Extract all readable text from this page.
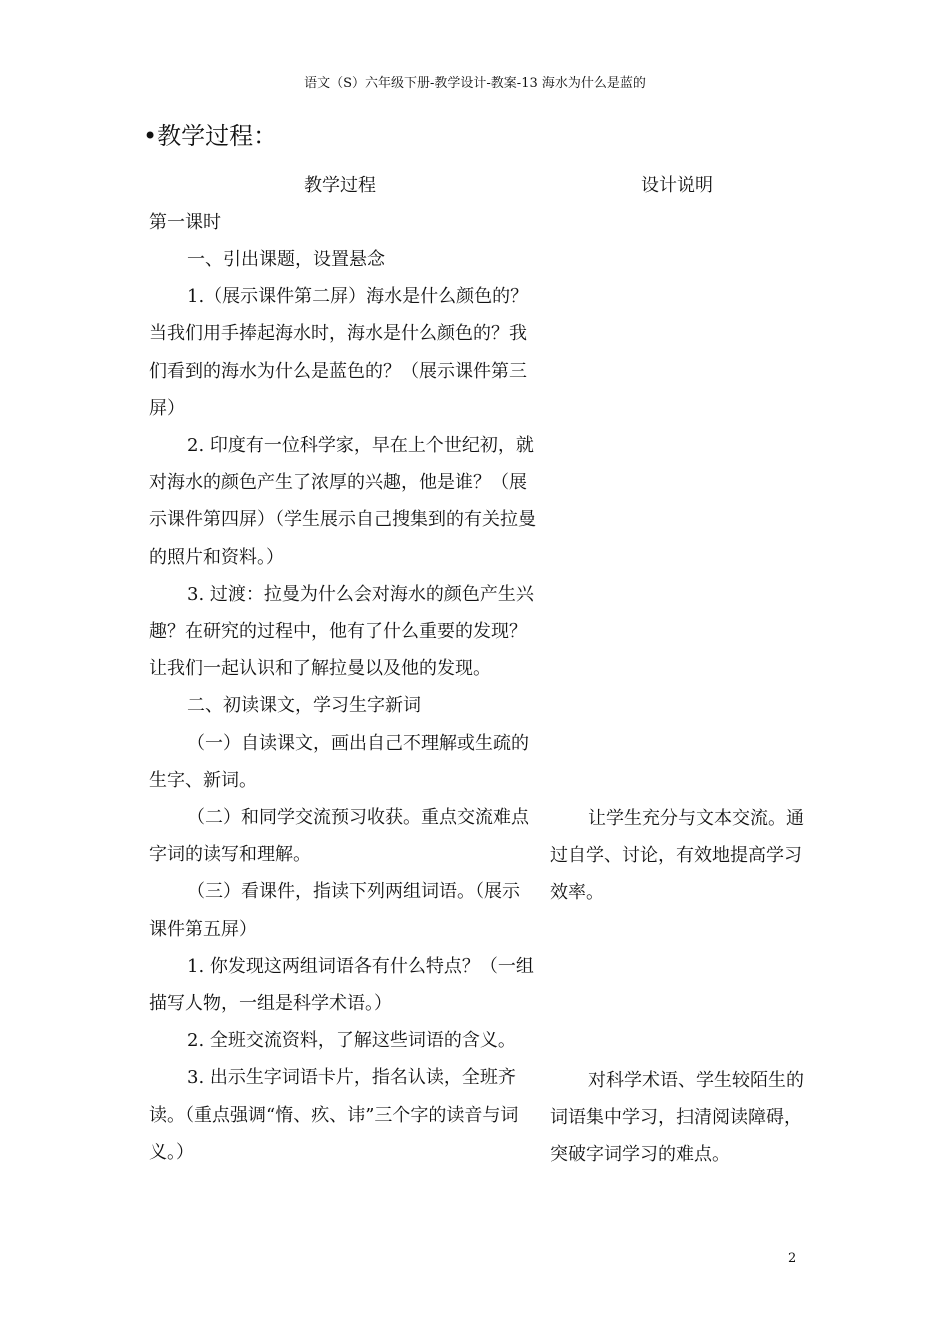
语文（S）六年级下册-教学设计-教案-13 海水为什么是蓝的
•教学过程：
教学过程	设计说明

第一课时

一、引出课题，设置悬念

1.（展示课件第二屏）海水是什么颜色的？当我们用手捧起海水时，海水是什么颜色的？我们看到的海水为什么是蓝色的？（展示课件第三屏）

2. 印度有一位科学家，早在上个世纪初，就对海水的颜色产生了浓厚的兴趣，他是谁？（展示课件第四屏）（学生展示自己搜集到的有关拉曼的照片和资料。）

3. 过渡：拉曼为什么会对海水的颜色产生兴趣？在研究的过程中，他有了什么重要的发现？让我们一起认识和了解拉曼以及他的发现。

二、初读课文，学习生字新词

（一）自读课文，画出自己不理解或生疏的生字、新词。

（二）和同学交流预习收获。重点交流难点字词的读写和理解。

（三）看课件，指读下列两组词语。（展示课件第五屏）

1. 你发现这两组词语各有什么特点？（一组描写人物，一组是科学术语。）

2. 全班交流资料，了解这些词语的含义。

3. 出示生字词语卡片，指名认读，全班齐读。（重点强调“惰、疚、讳”三个字的读音与词义。）

让学生充分与文本交流。通过自学、讨论，有效地提高学习效率。

对科学术语、学生较陌生的词语集中学习，扫清阅读障碍，突破字词学习的难点。

2
